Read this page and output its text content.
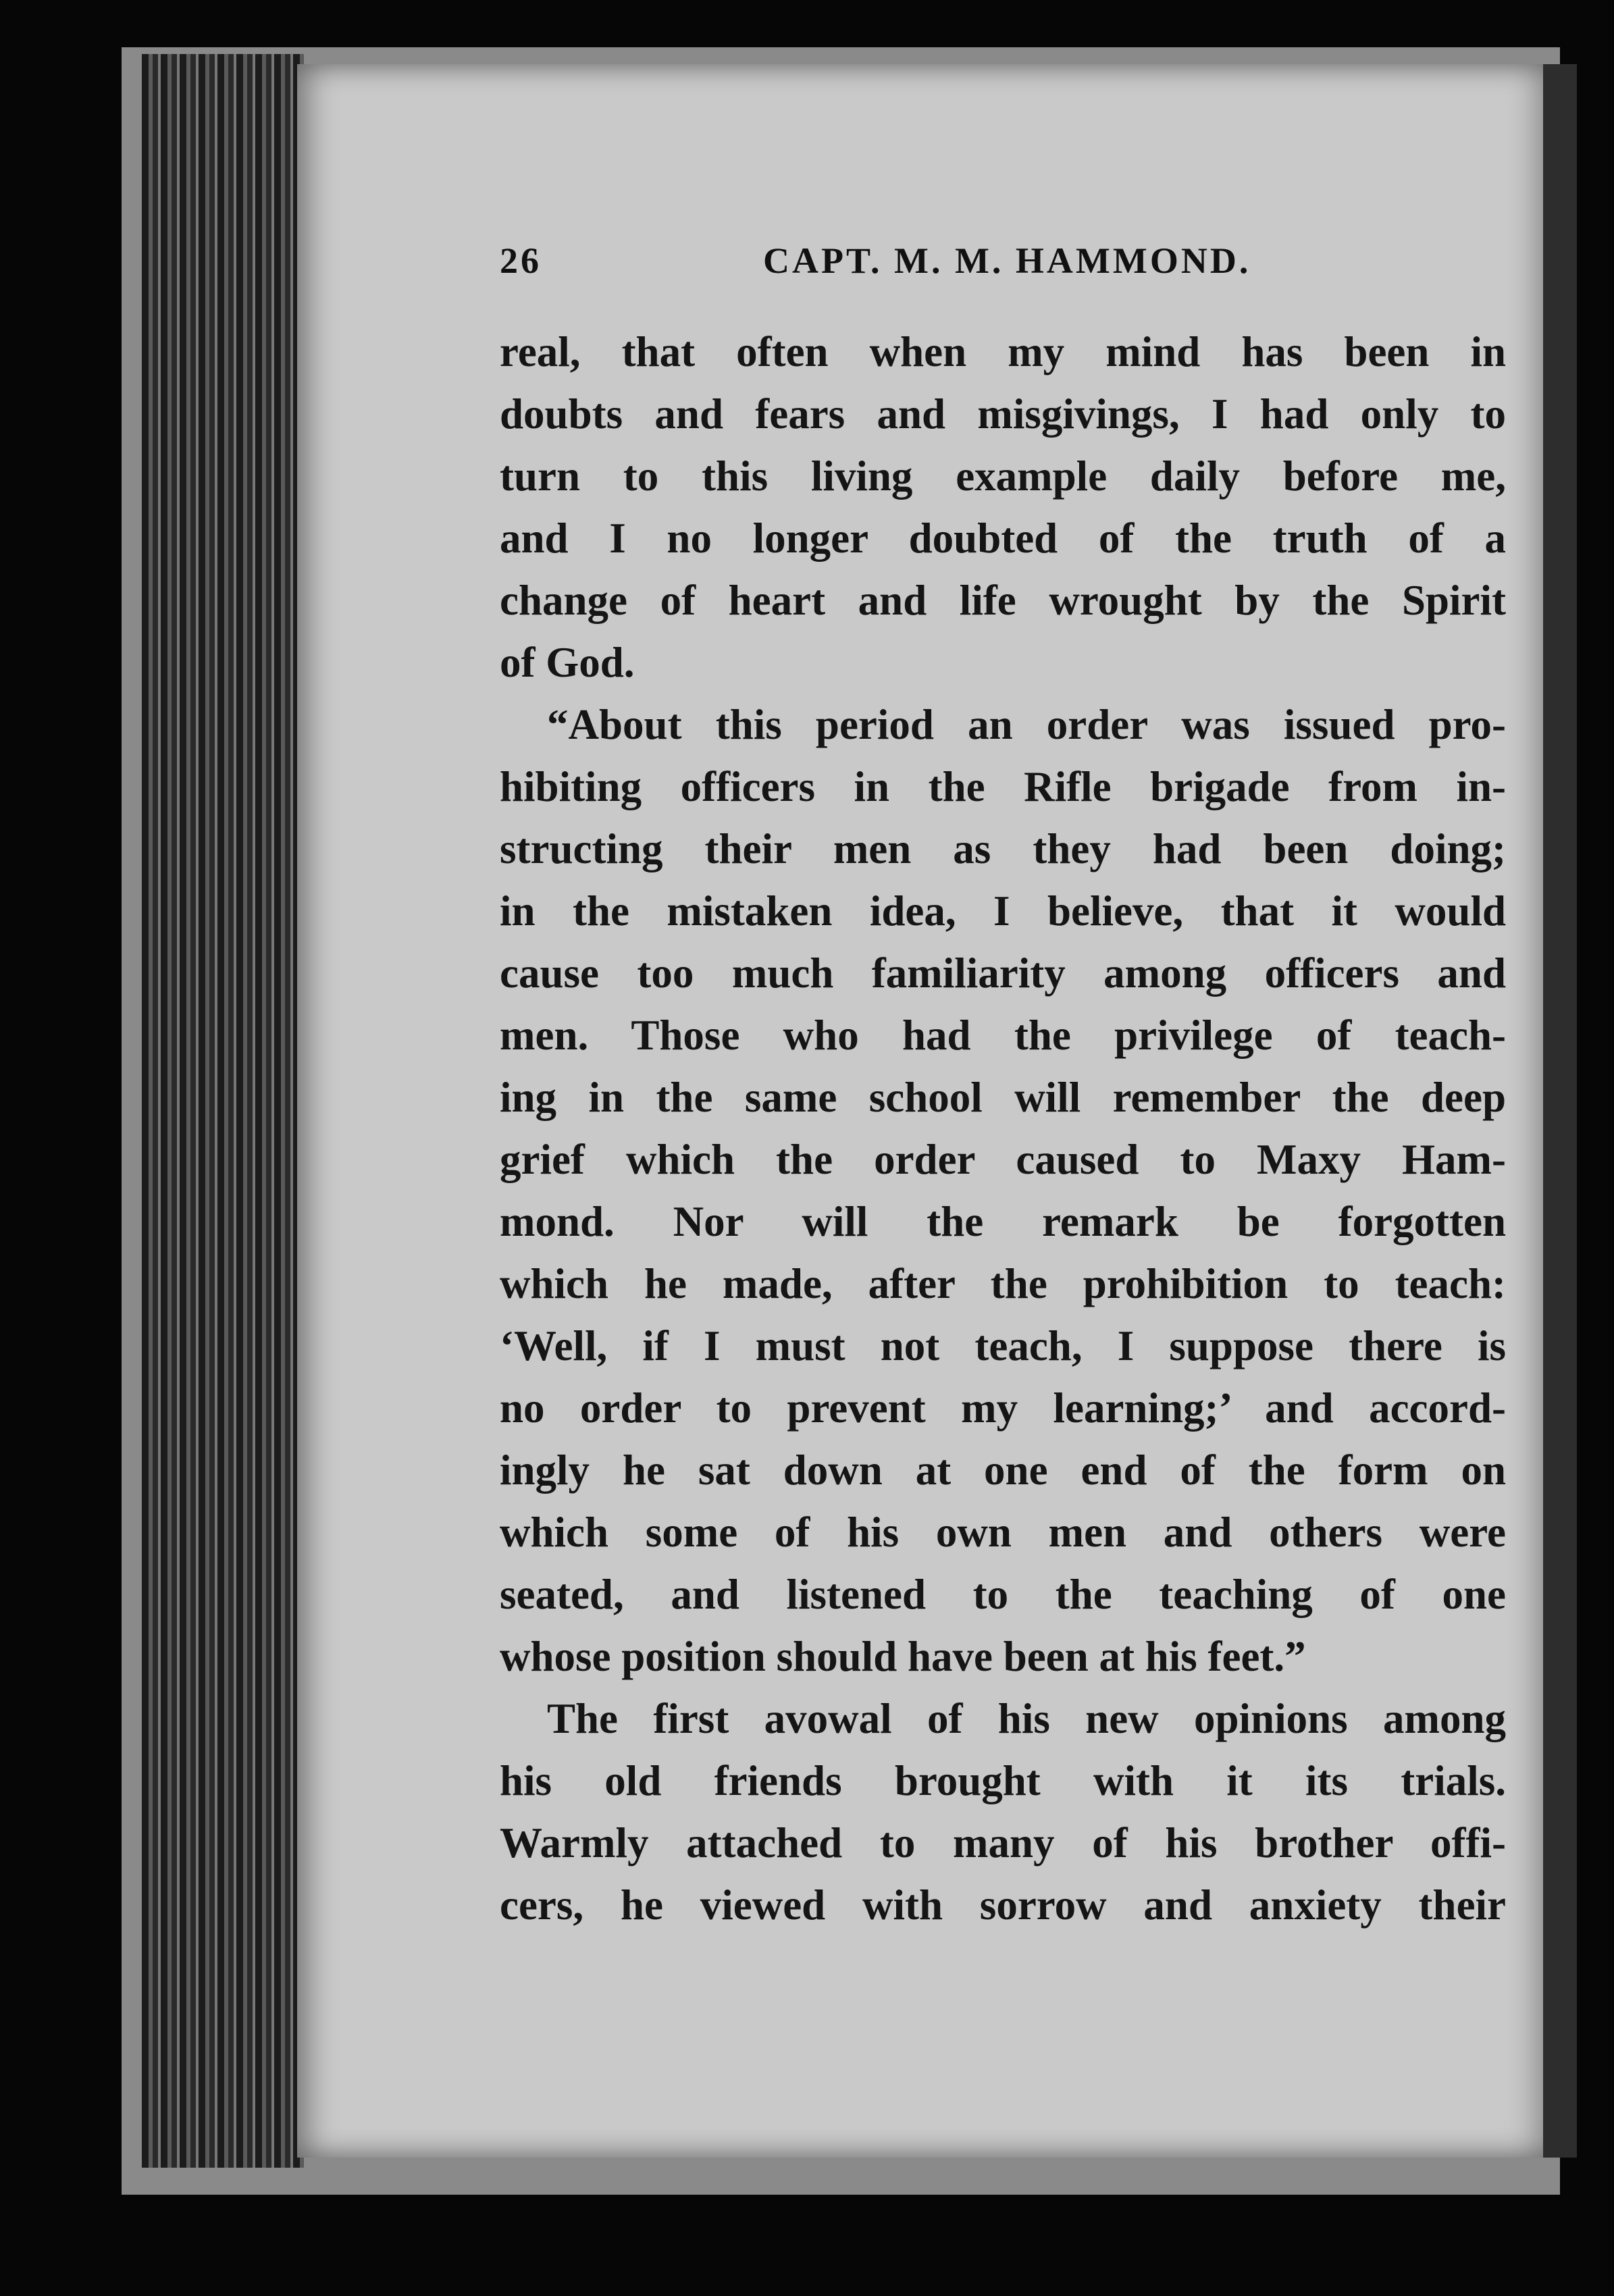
26	CAPT. M. M. HAMMOND.
real, that often when my mind has been in
doubts and fears and misgivings, I had only to
turn to this living example daily before me,
and I no longer doubted of the truth of a
change of heart and life wrought by the Spirit
of God.
“About this period an order was issued pro-
hibiting officers in the Rifle brigade from in-
structing their men as they had been doing;
in the mistaken idea, I believe, that it would
cause too much familiarity among officers and
men. Those who had the privilege of teach-
ing in the same school will remember the deep
grief which the order caused to Maxy Ham-
mond. Nor will the remark be forgotten
which he made, after the prohibition to teach:
‘Well, if I must not teach, I suppose there is
no order to prevent my learning;’ and accord-
ingly he sat down at one end of the form on
which some of his own men and others were
seated, and listened to the teaching of one
whose position should have been at his feet.”
The first avowal of his new opinions among
his old friends brought with it its trials.
Warmly attached to many of his brother offi-
cers, he viewed with sorrow and anxiety their
